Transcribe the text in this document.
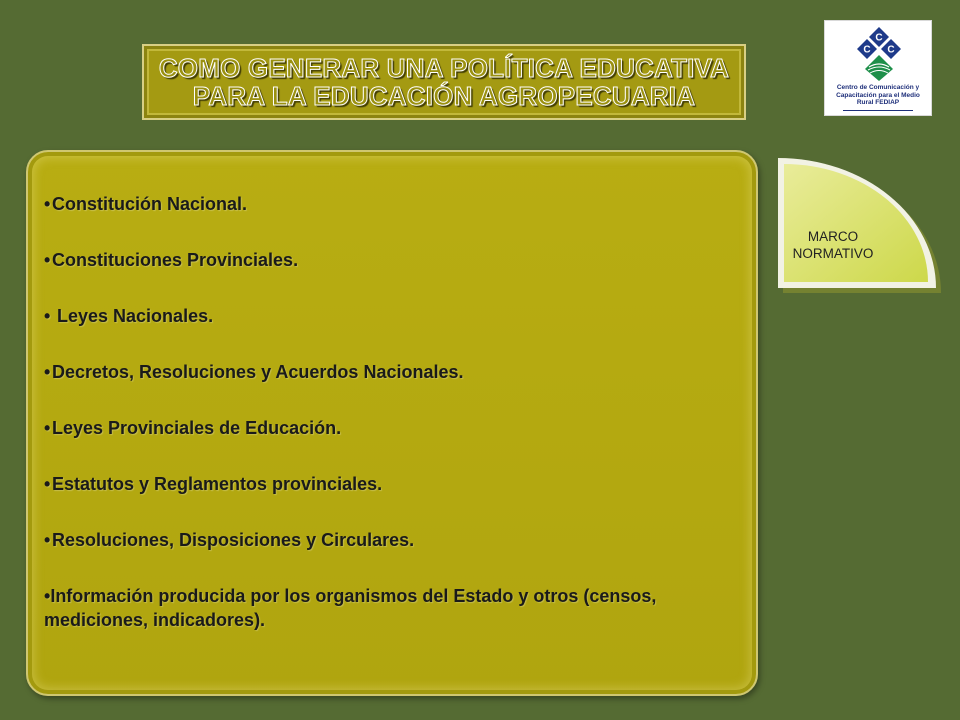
COMO GENERAR UNA POLÍTICA EDUCATIVA
PARA LA EDUCACIÓN AGROPECUARIA
C
C C
Centro de Comunicación y
Capacitación para el Medio
Rural FEDIAP
• Constitución Nacional.
• Constituciones Provinciales.
• Leyes Nacionales.
• Decretos, Resoluciones y Acuerdos Nacionales.
• Leyes Provinciales de Educación.
• Estatutos y Reglamentos provinciales.
• Resoluciones, Disposiciones y Circulares.
•Información producida por los organismos del Estado y otros (censos, mediciones, indicadores).
MARCO
NORMATIVO
